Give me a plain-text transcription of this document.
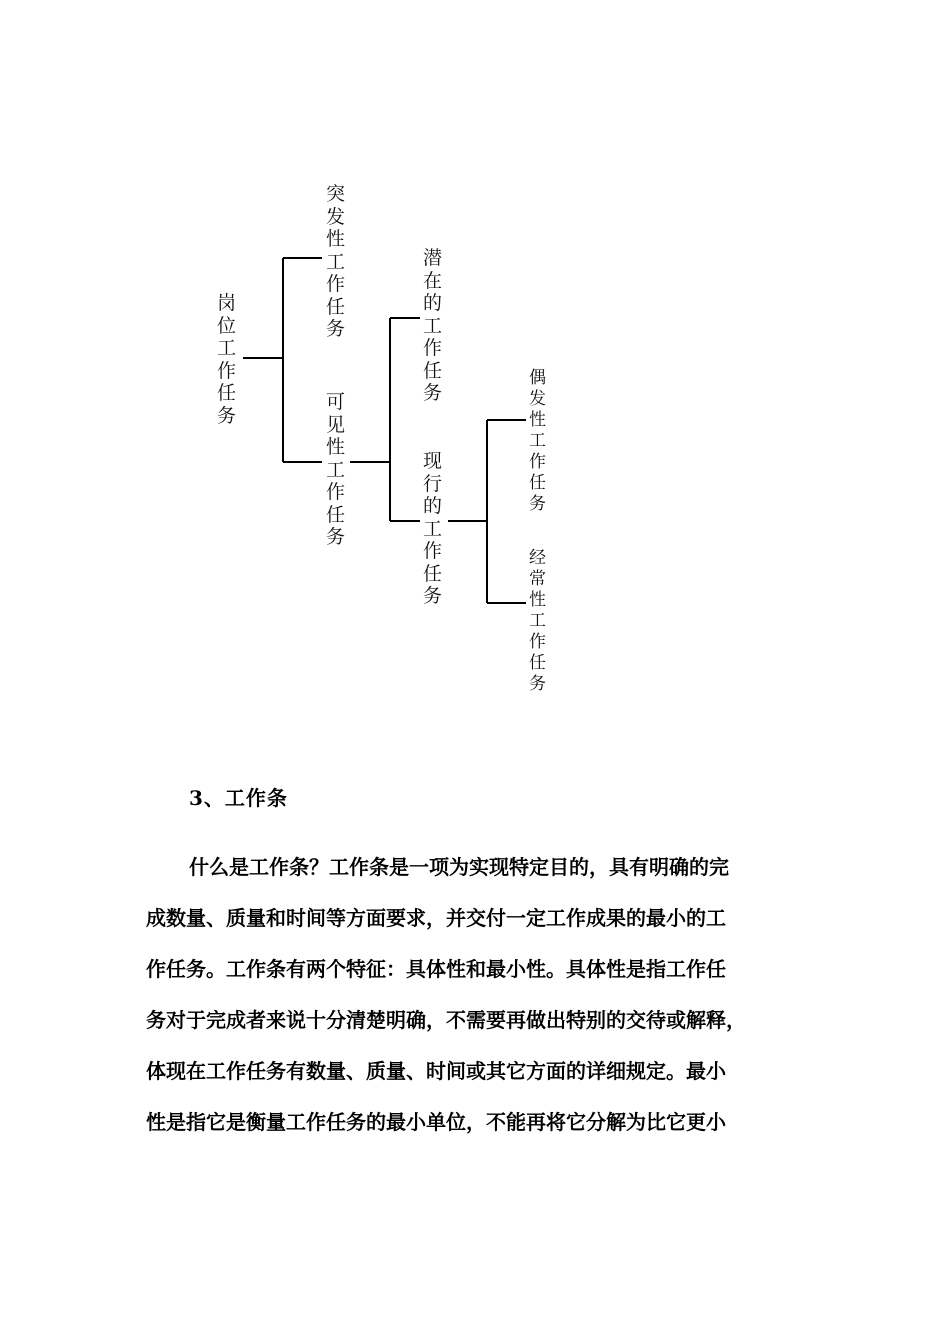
岗
位
工
作
任
务
突
发
性
工
作
任
务
可
见
性
工
作
任
务
潜
在
的
工
作
任
务
现
行
的
工
作
任
务
偶
发
性
工
作
任
务
经
常
性
工
作
任
务
3、工作条
什么是工作条？工作条是一项为实现特定目的，具有明确的完
成数量、质量和时间等方面要求，并交付一定工作成果的最小的工
作任务。工作条有两个特征：具体性和最小性。具体性是指工作任
务对于完成者来说十分清楚明确，不需要再做出特别的交待或解释，
体现在工作任务有数量、质量、时间或其它方面的详细规定。最小
性是指它是衡量工作任务的最小单位，不能再将它分解为比它更小
